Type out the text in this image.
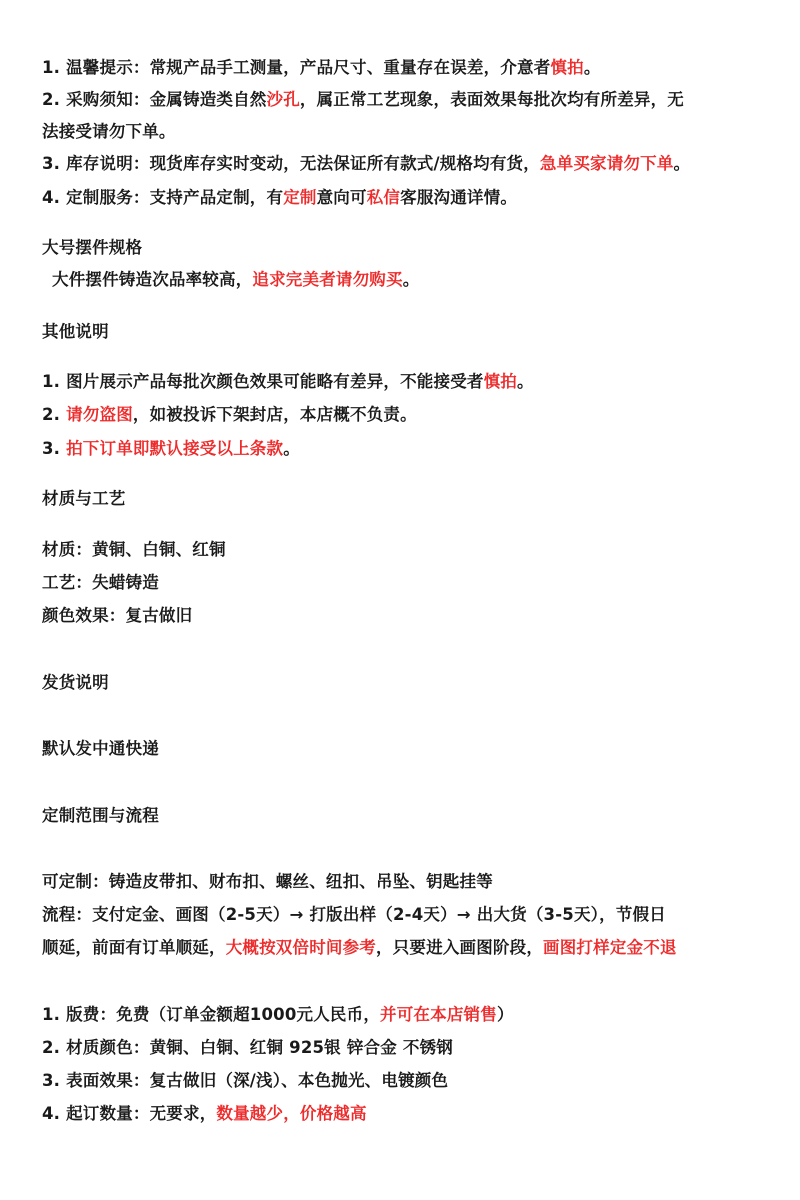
1. 温馨提示：常规产品手工测量，产品尺寸、重量存在误差，介意者慎拍。
2. 采购须知：金属铸造类自然沙孔，属正常工艺现象，表面效果每批次均有所差异，无
法接受请勿下单。
3. 库存说明：现货库存实时变动，无法保证所有款式/规格均有货，急单买家请勿下单。
4. 定制服务：支持产品定制，有定制意向可私信客服沟通详情。
大号摆件规格
大件摆件铸造次品率较高，追求完美者请勿购买。
其他说明
1. 图片展示产品每批次颜色效果可能略有差异，不能接受者慎拍。
2. 请勿盗图，如被投诉下架封店，本店概不负责。
3. 拍下订单即默认接受以上条款。
材质与工艺
材质：黄铜、白铜、红铜
工艺：失蜡铸造
颜色效果：复古做旧
发货说明
默认发中通快递
定制范围与流程
可定制：铸造皮带扣、财布扣、螺丝、纽扣、吊坠、钥匙挂等
流程：支付定金、画图（2-5天）→ 打版出样（2-4天）→ 出大货（3-5天），节假日
顺延，前面有订单顺延，大概按双倍时间参考，只要进入画图阶段，画图打样定金不退
1. 版费：免费（订单金额超1000元人民币，并可在本店销售）
2. 材质颜色：黄铜、白铜、红铜 925银 锌合金 不锈钢
3. 表面效果：复古做旧（深/浅）、本色抛光、电镀颜色
4. 起订数量：无要求，数量越少，价格越高
